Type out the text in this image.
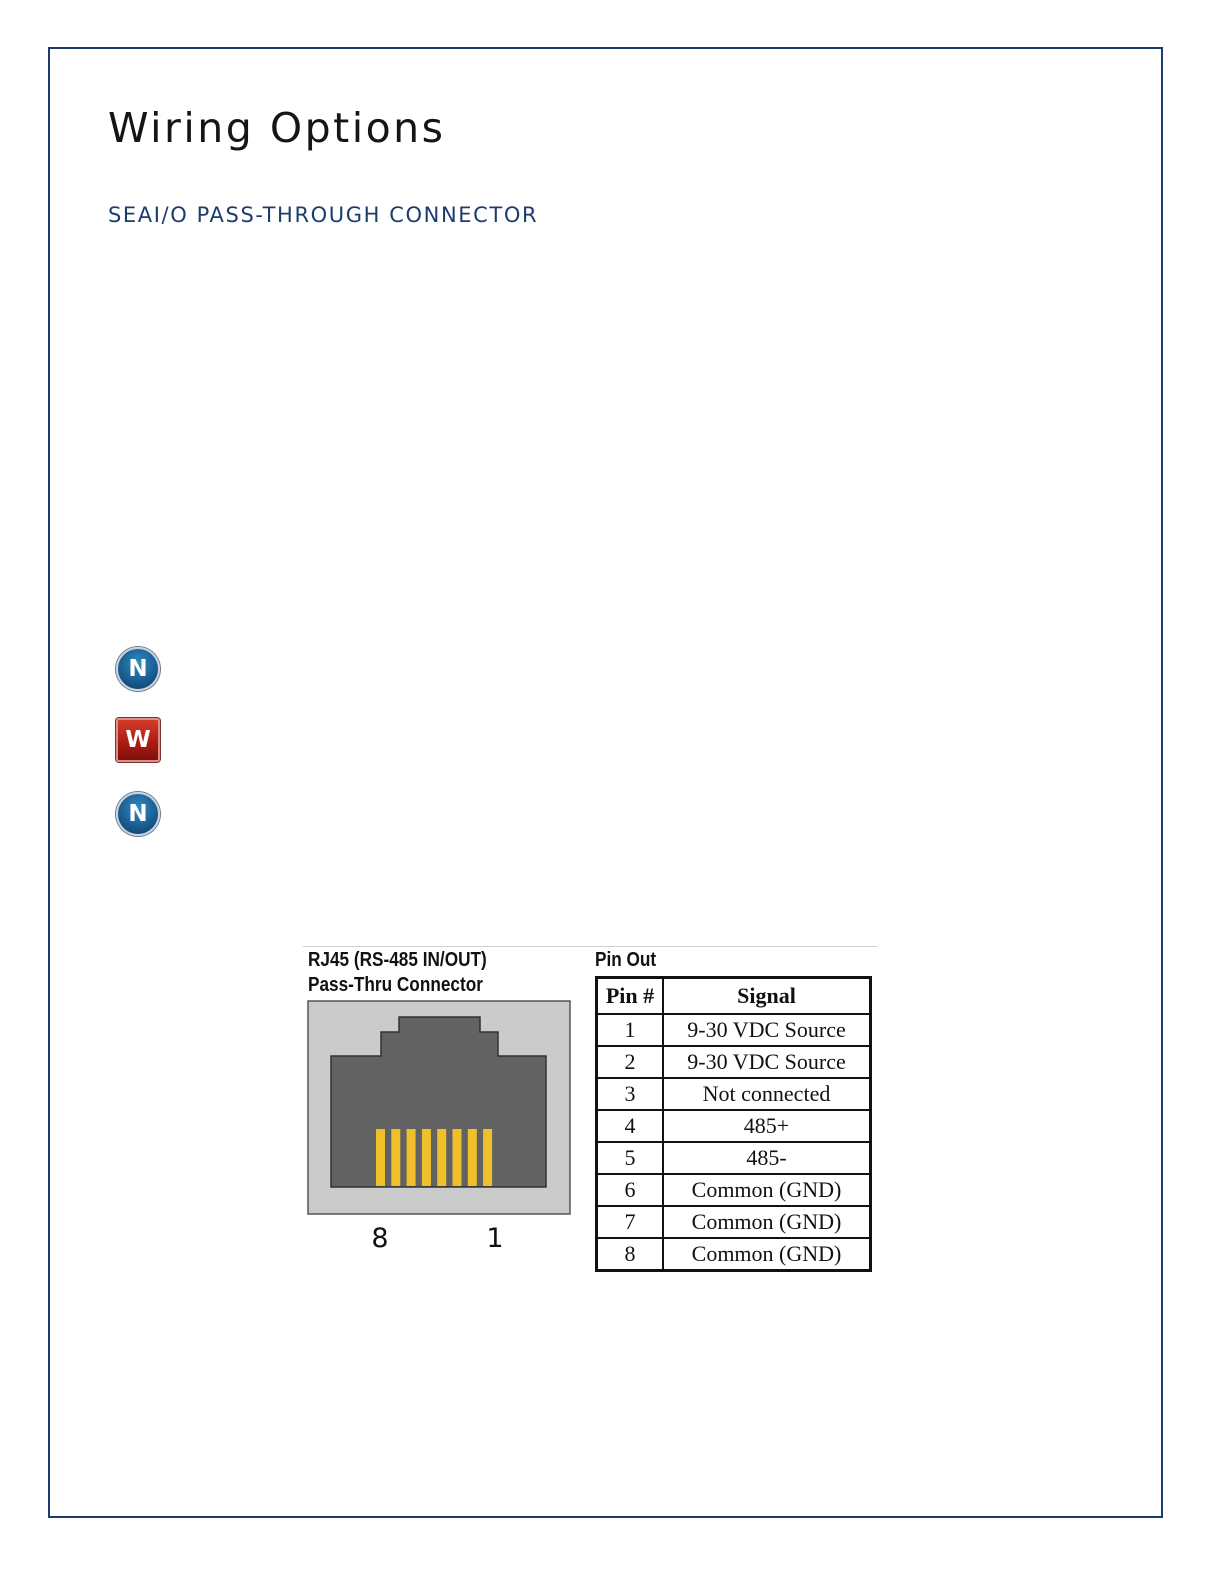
Wiring Options
SEAI/O PASS-THROUGH CONNECTOR
N
W
N
RJ45 (RS-485 IN/OUT)
Pass-Thru Connector
8	1
Pin Out
Pin #	Signal
1	9-30 VDC Source
2	9-30 VDC Source
3	Not connected
4	485+
5	485-
6	Common (GND)
7	Common (GND)
8	Common (GND)
